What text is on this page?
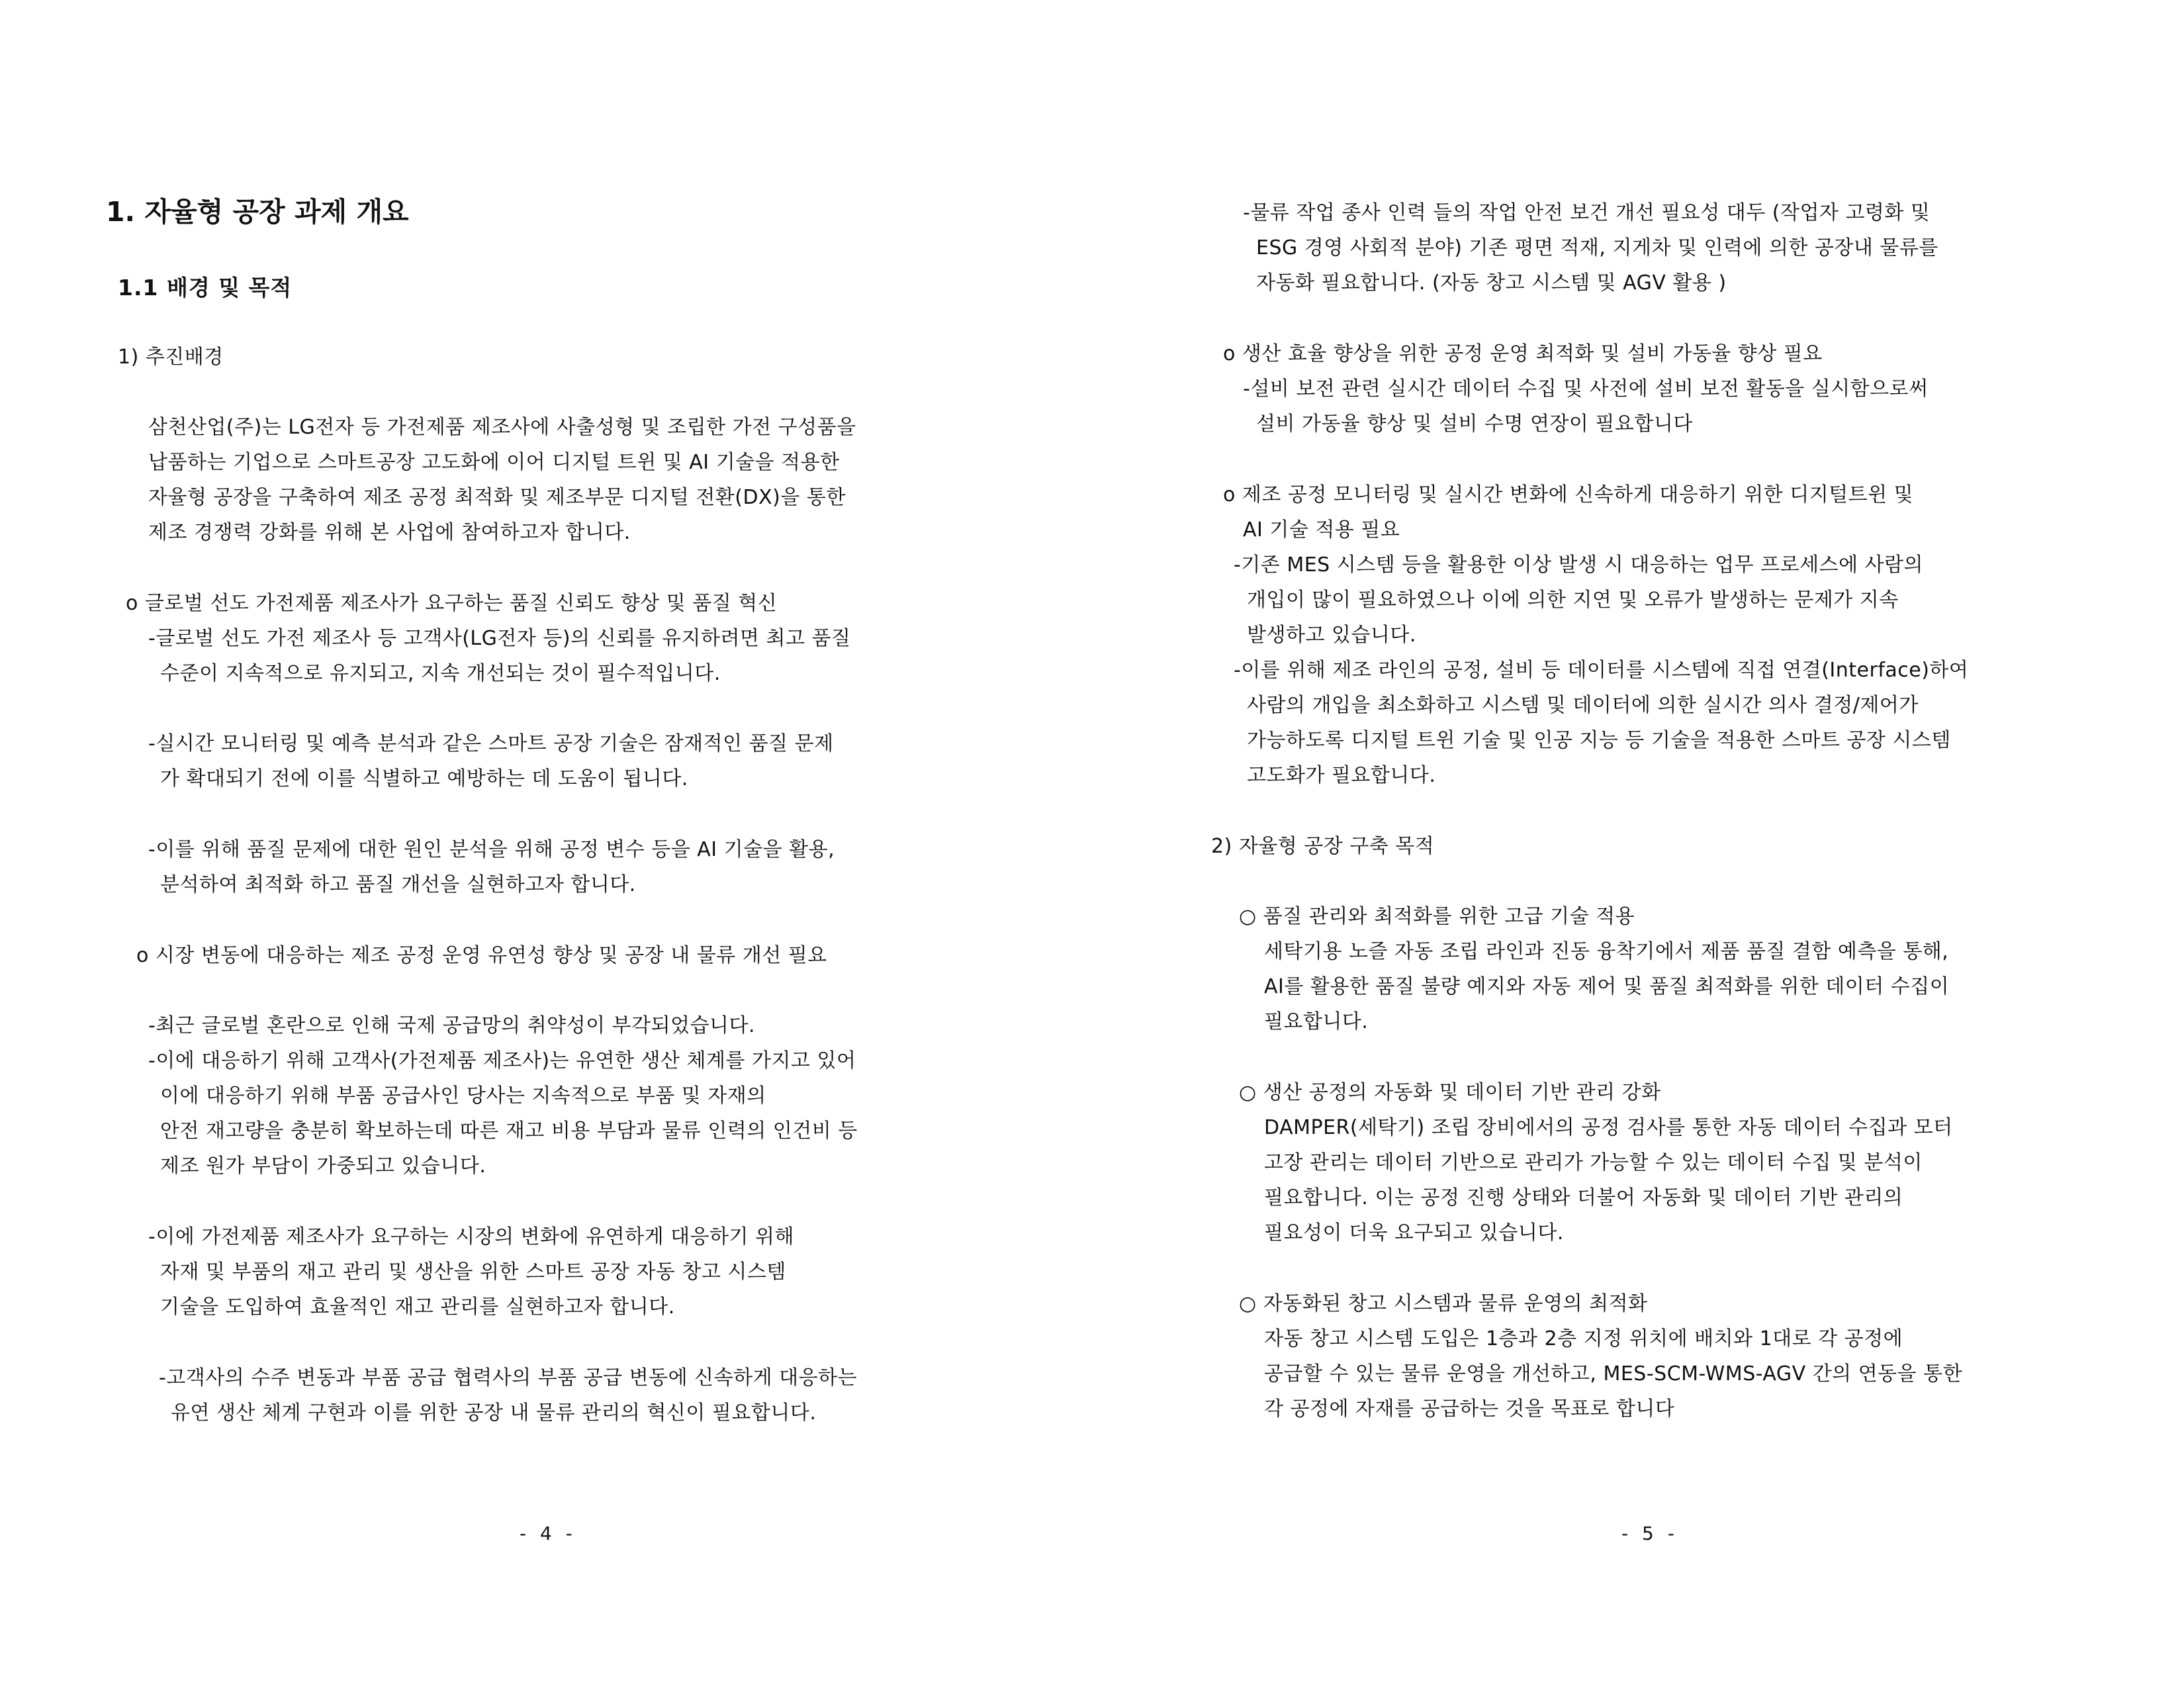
1. 자율형 공장 과제 개요
1.1 배경 및 목적
1) 추진배경
삼천산업(주)는 LG전자 등 가전제품 제조사에 사출성형 및 조립한 가전 구성품을
납품하는 기업으로 스마트공장 고도화에 이어 디지털 트윈 및 AI 기술을 적용한
자율형 공장을 구축하여 제조 공정 최적화 및 제조부문 디지털 전환(DX)을 통한
제조 경쟁력 강화를 위해 본 사업에 참여하고자 합니다.
o 글로벌 선도 가전제품 제조사가 요구하는 품질 신뢰도 향상 및 품질 혁신
-글로벌 선도 가전 제조사 등 고객사(LG전자 등)의 신뢰를 유지하려면 최고 품질
수준이 지속적으로 유지되고, 지속 개선되는 것이 필수적입니다.
-실시간 모니터링 및 예측 분석과 같은 스마트 공장 기술은 잠재적인 품질 문제
가 확대되기 전에 이를 식별하고 예방하는 데 도움이 됩니다.
-이를 위해 품질 문제에 대한 원인 분석을 위해 공정 변수 등을 AI 기술을 활용,
분석하여 최적화 하고 품질 개선을 실현하고자 합니다.
o 시장 변동에 대응하는 제조 공정 운영 유연성 향상 및 공장 내 물류 개선 필요
-최근 글로벌 혼란으로 인해 국제 공급망의 취약성이 부각되었습니다.
-이에 대응하기 위해 고객사(가전제품 제조사)는 유연한 생산 체계를 가지고 있어
이에 대응하기 위해 부품 공급사인 당사는 지속적으로 부품 및 자재의
안전 재고량을 충분히 확보하는데 따른 재고 비용 부담과 물류 인력의 인건비 등
제조 원가 부담이 가중되고 있습니다.
-이에 가전제품 제조사가 요구하는 시장의 변화에 유연하게 대응하기 위해
자재 및 부품의 재고 관리 및 생산을 위한 스마트 공장 자동 창고 시스템
기술을 도입하여 효율적인 재고 관리를 실현하고자 합니다.
-고객사의 수주 변동과 부품 공급 협력사의 부품 공급 변동에 신속하게 대응하는
유연 생산 체계 구현과 이를 위한 공장 내 물류 관리의 혁신이 필요합니다.
- 4 -
-물류 작업 종사 인력 들의 작업 안전 보건 개선 필요성 대두 (작업자 고령화 및
ESG 경영 사회적 분야) 기존 평면 적재, 지게차 및 인력에 의한 공장내 물류를
자동화 필요합니다. (자동 창고 시스템 및 AGV 활용 )
o 생산 효율 향상을 위한 공정 운영 최적화 및 설비 가동율 향상 필요
-설비 보전 관련 실시간 데이터 수집 및 사전에 설비 보전 활동을 실시함으로써
설비 가동율 향상 및 설비 수명 연장이 필요합니다
o 제조 공정 모니터링 및 실시간 변화에 신속하게 대응하기 위한 디지털트윈 및
AI 기술 적용 필요
-기존 MES 시스템 등을 활용한 이상 발생 시 대응하는 업무 프로세스에 사람의
개입이 많이 필요하였으나 이에 의한 지연 및 오류가 발생하는 문제가 지속
발생하고 있습니다.
-이를 위해 제조 라인의 공정, 설비 등 데이터를 시스템에 직접 연결(Interface)하여
사람의 개입을 최소화하고 시스템 및 데이터에 의한 실시간 의사 결정/제어가
가능하도록 디지털 트윈 기술 및 인공 지능 등 기술을 적용한 스마트 공장 시스템
고도화가 필요합니다.
2) 자율형 공장 구축 목적
○ 품질 관리와 최적화를 위한 고급 기술 적용
세탁기용 노즐 자동 조립 라인과 진동 융착기에서 제품 품질 결함 예측을 통해,
AI를 활용한 품질 불량 예지와 자동 제어 및 품질 최적화를 위한 데이터 수집이
필요합니다.
○ 생산 공정의 자동화 및 데이터 기반 관리 강화
DAMPER(세탁기) 조립 장비에서의 공정 검사를 통한 자동 데이터 수집과 모터
고장 관리는 데이터 기반으로 관리가 가능할 수 있는 데이터 수집 및 분석이
필요합니다. 이는 공정 진행 상태와 더불어 자동화 및 데이터 기반 관리의
필요성이 더욱 요구되고 있습니다.
○ 자동화된 창고 시스템과 물류 운영의 최적화
자동 창고 시스템 도입은 1층과 2층 지정 위치에 배치와 1대로 각 공정에
공급할 수 있는 물류 운영을 개선하고, MES-SCM-WMS-AGV 간의 연동을 통한
각 공정에 자재를 공급하는 것을 목표로 합니다
- 5 -
